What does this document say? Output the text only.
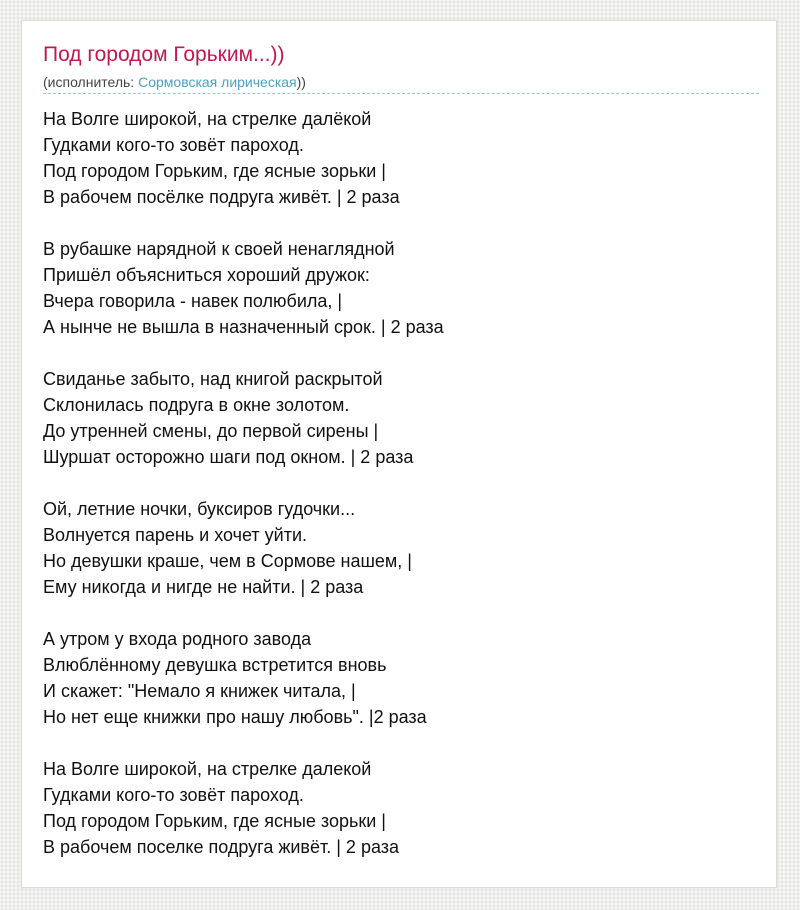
Под городом Горьким...))
(исполнитель: Сормовская лирическая))
На Волге широкой, на стрелке далёкой
Гудками кого-то зовёт пароход.
Под городом Горьким, где ясные зорьки |
В рабочем посёлке подруга живёт. | 2 раза
В рубашке нарядной к своей ненаглядной
Пришёл объясниться хороший дружок:
Вчера говорила - навек полюбила, |
А нынче не вышла в назначенный срок. | 2 раза
Свиданье забыто, над книгой раскрытой
Склонилась подруга в окне золотом.
До утренней смены, до первой сирены |
Шуршат осторожно шаги под окном. | 2 раза
Ой, летние ночки, буксиров гудочки...
Волнуется парень и хочет уйти.
Но девушки краше, чем в Сормове нашем, |
Ему никогда и нигде не найти. | 2 раза
А утром у входа родного завода
Влюблённому девушка встретится вновь
И скажет: "Немало я книжек читала, |
Но нет еще книжки про нашу любовь". |2 раза
На Волге широкой, на стрелке далекой
Гудками кого-то зовёт пароход.
Под городом Горьким, где ясные зорьки |
В рабочем поселке подруга живёт. | 2 раза
